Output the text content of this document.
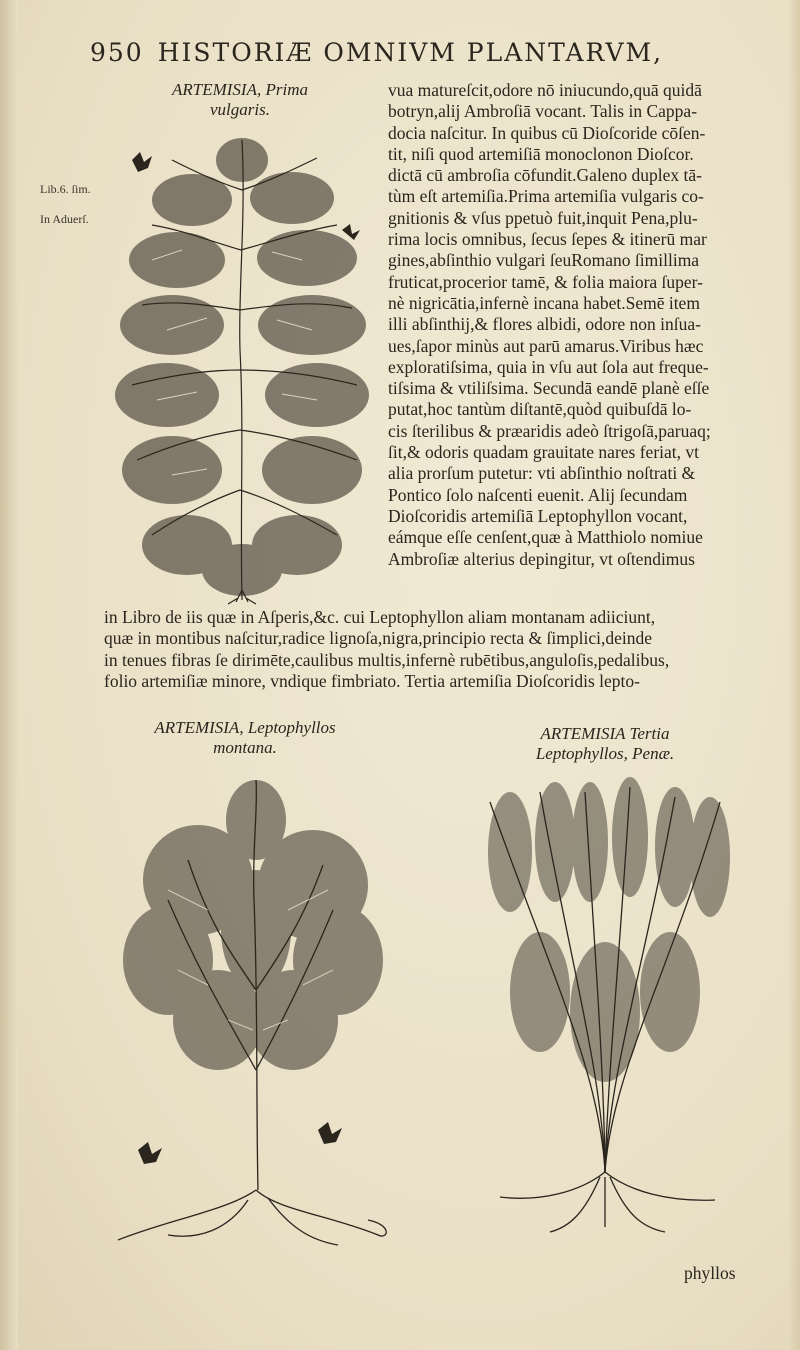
950 HISTORIÆ OMNIVM PLANTARVM,
ARTEMISIA, Prima
vulgaris.
Lib.6. ſim.
In Aduerſ.
vua matureſcit,odore nō iniucundo,quā quidā
botryn,alij Ambroſiā vocant. Talis in Cappa-
docia naſcitur. In quibus cū Dioſcoride cōſen-
tit, niſi quod artemiſiā monoclonon Dioſcor.
dictā cū ambroſia cōfundit.Galeno duplex tā-
tùm eſt artemiſia.Prima artemiſia vulgaris co-
gnitionis & vſus ppetuò fuit,inquit Pena,plu-
rima locis omnibus, ſecus ſepes & itinerū mar
gines,abſinthio vulgari ſeuRomano ſimillima
fruticat,procerior tamē, & folia maiora ſuper-
nè nigricātia,infernè incana habet.Semē item
illi abſinthij,& flores albidi, odore non inſua-
ues,ſapor minùs aut parū amarus.Viribus hæc
exploratiſsima, quia in vſu aut ſola aut freque-
tiſsima & vtiliſsima. Secundā eandē planè eſſe
putat,hoc tantùm diſtantē,quòd quibuſdā lo-
cis ſterilibus & præaridis adeò ſtrigoſā,paruaq;
ſit,& odoris quadam grauitate nares feriat, vt
alia prorſum putetur: vti abſinthio noſtrati &
Pontico ſolo naſcenti euenit. Alij ſecundam
Dioſcoridis artemiſiā Leptophyllon vocant,
eámque eſſe cenſent,quæ à Matthiolo nomiue
Ambroſiæ alterius depingitur, vt oſtendimus
in Libro de iis quæ in Aſperis,&c. cui Leptophyllon aliam montanam adiiciunt,
quæ in montibus naſcitur,radice lignoſa,nigra,principio recta & ſimplici,deinde
in tenues fibras ſe dirimēte,caulibus multis,infernè rubētibus,anguloſis,pedalibus,
folio artemiſiæ minore, vndique fimbriato. Tertia artemiſia Dioſcoridis lepto-
ARTEMISIA, Leptophyllos
montana.
ARTEMISIA Tertia
Leptophyllos, Penæ.
phyllos
